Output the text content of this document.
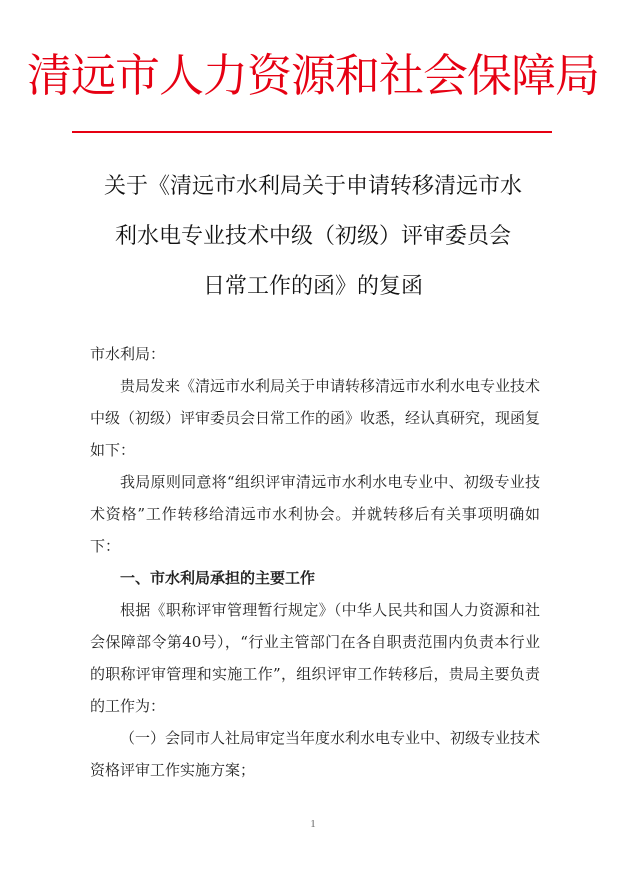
清远市人力资源和社会保障局
关于《清远市水利局关于申请转移清远市水
利水电专业技术中级（初级）评审委员会
日常工作的函》的复函

市水利局：

贵局发来《清远市水利局关于申请转移清远市水利水电专业技术中级（初级）评审委员会日常工作的函》收悉，经认真研究，现函复如下：

我局原则同意将“组织评审清远市水利水电专业中、初级专业技术资格”工作转移给清远市水利协会。并就转移后有关事项明确如下：

一、市水利局承担的主要工作

根据《职称评审管理暂行规定》（中华人民共和国人力资源和社会保障部令第40号），“行业主管部门在各自职责范围内负责本行业的职称评审管理和实施工作”，组织评审工作转移后，贵局主要负责的工作为：

（一）会同市人社局审定当年度水利水电专业中、初级专业技术资格评审工作实施方案；

1
